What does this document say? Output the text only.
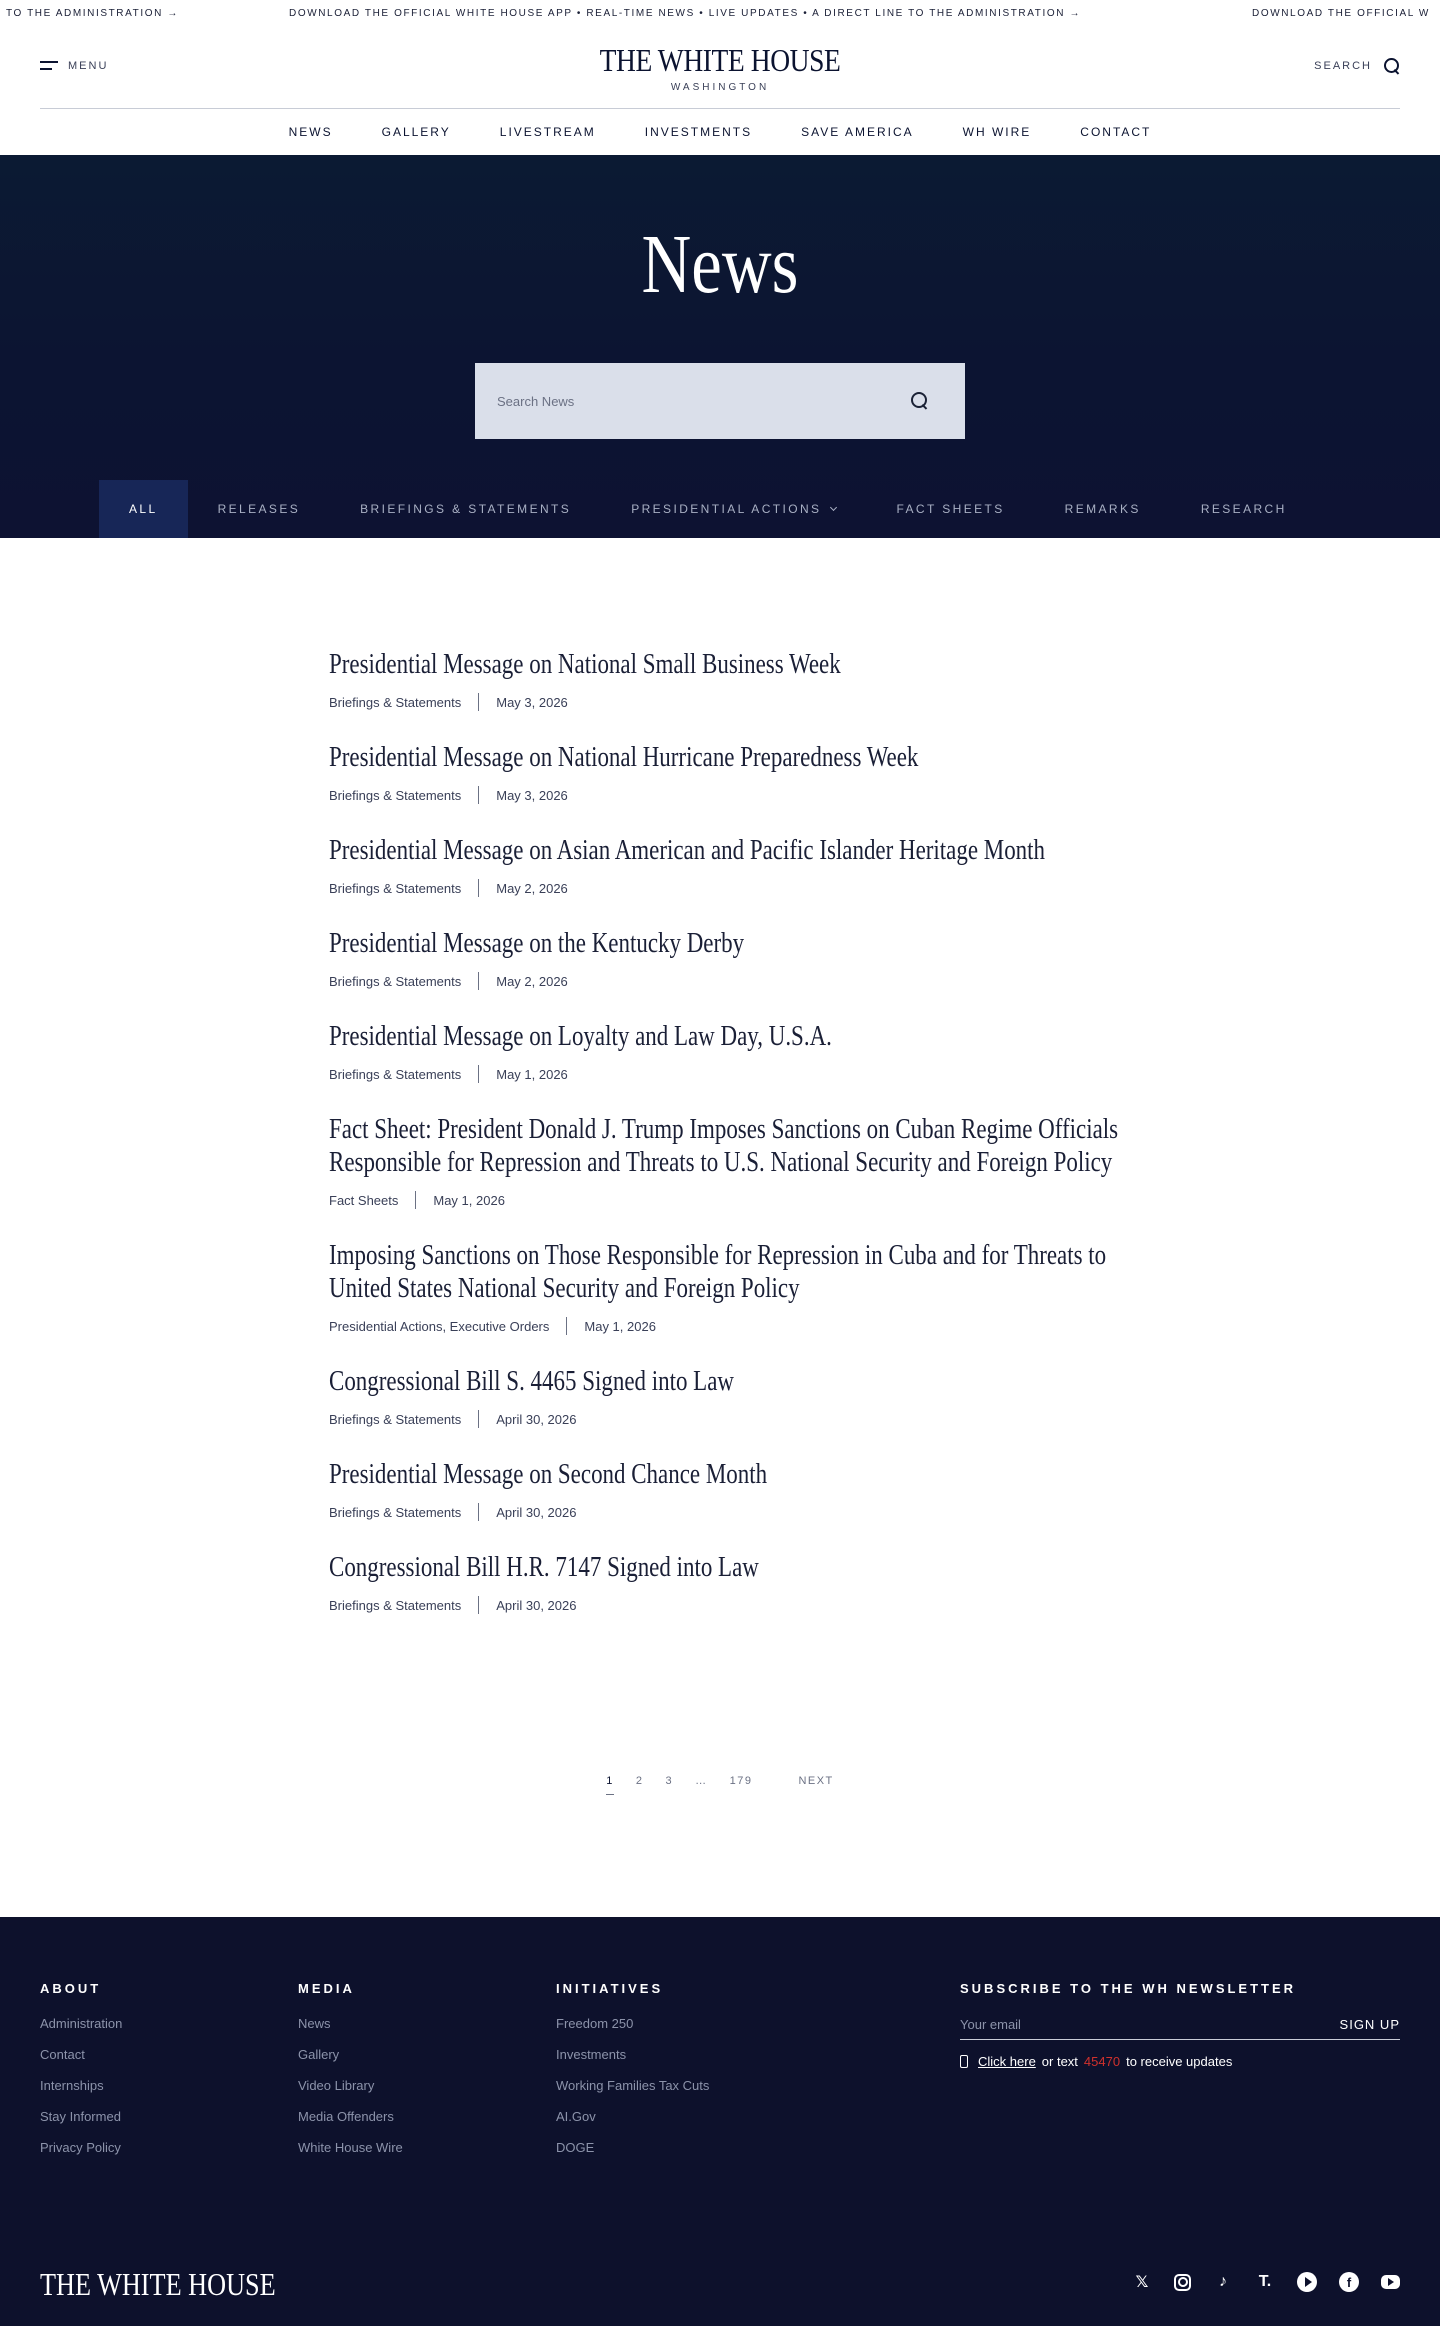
TO THE ADMINISTRATION →	DOWNLOAD THE OFFICIAL WHITE HOUSE APP • REAL-TIME NEWS • LIVE UPDATES • A DIRECT LINE TO THE ADMINISTRATION →	DOWNLOAD THE OFFICIAL W
MENU	THE WHITE HOUSE
WASHINGTON
SEARCH
NEWS	GALLERY	LIVESTREAM	INVESTMENTS	SAVE AMERICA	WH WIRE	CONTACT
News
Search News
ALL	RELEASES	BRIEFINGS & STATEMENTS	PRESIDENTIAL ACTIONS	FACT SHEETS	REMARKS	RESEARCH
Presidential Message on National Small Business Week
Briefings & Statements	May 3, 2026
Presidential Message on National Hurricane Preparedness Week
Briefings & Statements	May 3, 2026
Presidential Message on Asian American and Pacific Islander Heritage Month
Briefings & Statements	May 2, 2026
Presidential Message on the Kentucky Derby
Briefings & Statements	May 2, 2026
Presidential Message on Loyalty and Law Day, U.S.A.
Briefings & Statements	May 1, 2026
Fact Sheet: President Donald J. Trump Imposes Sanctions on Cuban Regime Officials Responsible for Repression and Threats to U.S. National Security and Foreign Policy
Fact Sheets	May 1, 2026
Imposing Sanctions on Those Responsible for Repression in Cuba and for Threats to United States National Security and Foreign Policy
Presidential Actions, Executive Orders	May 1, 2026
Congressional Bill S. 4465 Signed into Law
Briefings & Statements	April 30, 2026
Presidential Message on Second Chance Month
Briefings & Statements	April 30, 2026
Congressional Bill H.R. 7147 Signed into Law
Briefings & Statements	April 30, 2026
1 2 3 … 179	NEXT
ABOUT
Administration
Contact
Internships
Stay Informed
Privacy Policy
MEDIA
News
Gallery
Video Library
Media Offenders
White House Wire
INITIATIVES
Freedom 250
Investments
Working Families Tax Cuts
AI.Gov
DOGE
SUBSCRIBE TO THE WH NEWSLETTER
Your email
SIGN UP
Click here or text 45470 to receive updates
THE WHITE HOUSE	𝕏	♪	T.	f
